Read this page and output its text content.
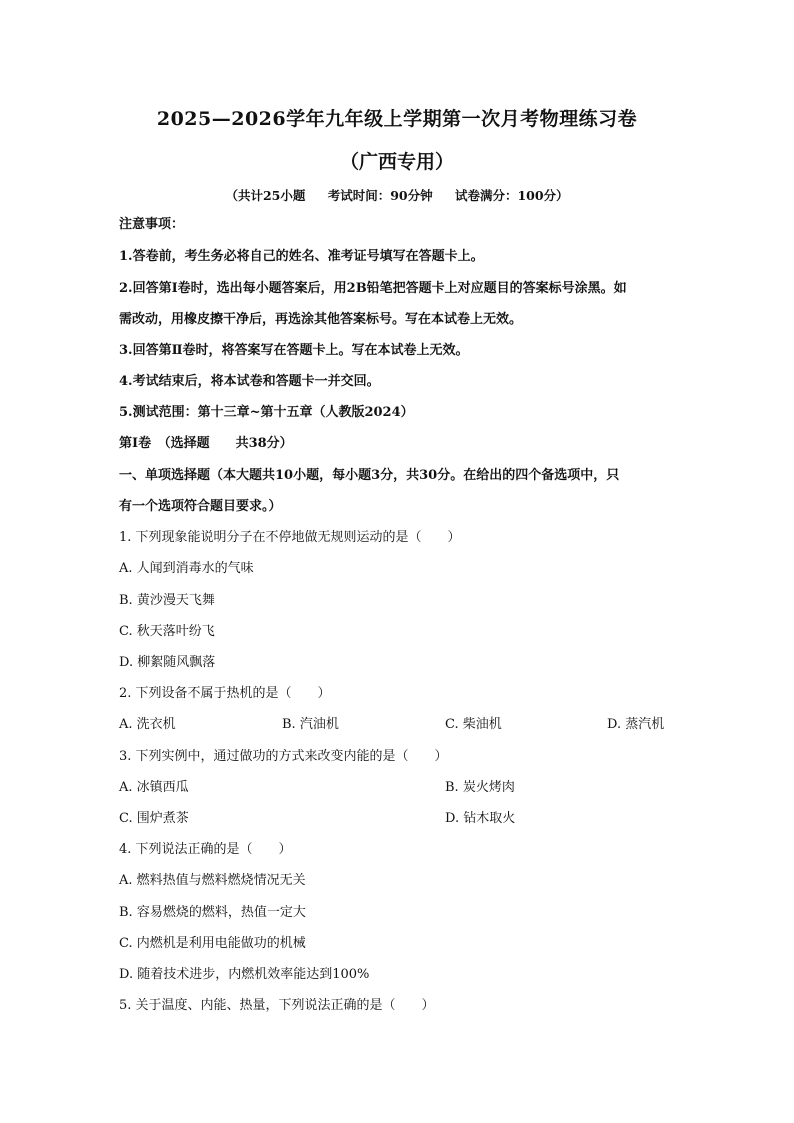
2025—2026学年九年级上学期第一次月考物理练习卷
（广西专用）
（共计25小题 考试时间：90分钟 试卷满分：100分）
注意事项：
1.答卷前，考生务必将自己的姓名、准考证号填写在答题卡上。
2.回答第Ⅰ卷时，选出每小题答案后，用2B铅笔把答题卡上对应题目的答案标号涂黑。如
需改动，用橡皮擦干净后，再选涂其他答案标号。写在本试卷上无效。
3.回答第Ⅱ卷时，将答案写在答题卡上。写在本试卷上无效。
4.考试结束后，将本试卷和答题卡一并交回。
5.测试范围：第十三章~第十五章（人教版2024）
第Ⅰ卷　（选择题　　共38分）
一、单项选择题（本大题共10小题，每小题3分，共30分。在给出的四个备选项中，只
有一个选项符合题目要求。）
1. 下列现象能说明分子在不停地做无规则运动的是（　　）
A. 人闻到消毒水的气味
B. 黄沙漫天飞舞
C. 秋天落叶纷飞
D. 柳絮随风飘落
2. 下列设备不属于热机的是（　　）
A. 洗衣机	B. 汽油机	C. 柴油机	D. 蒸汽机
3. 下列实例中，通过做功的方式来改变内能的是（　　）
A. 冰镇西瓜	B. 炭火烤肉
C. 围炉煮茶	D. 钻木取火
4. 下列说法正确的是（　　）
A. 燃料热值与燃料燃烧情况无关
B. 容易燃烧的燃料，热值一定大
C. 内燃机是利用电能做功的机械
D. 随着技术进步，内燃机效率能达到100%
5. 关于温度、内能、热量，下列说法正确的是（　　）
